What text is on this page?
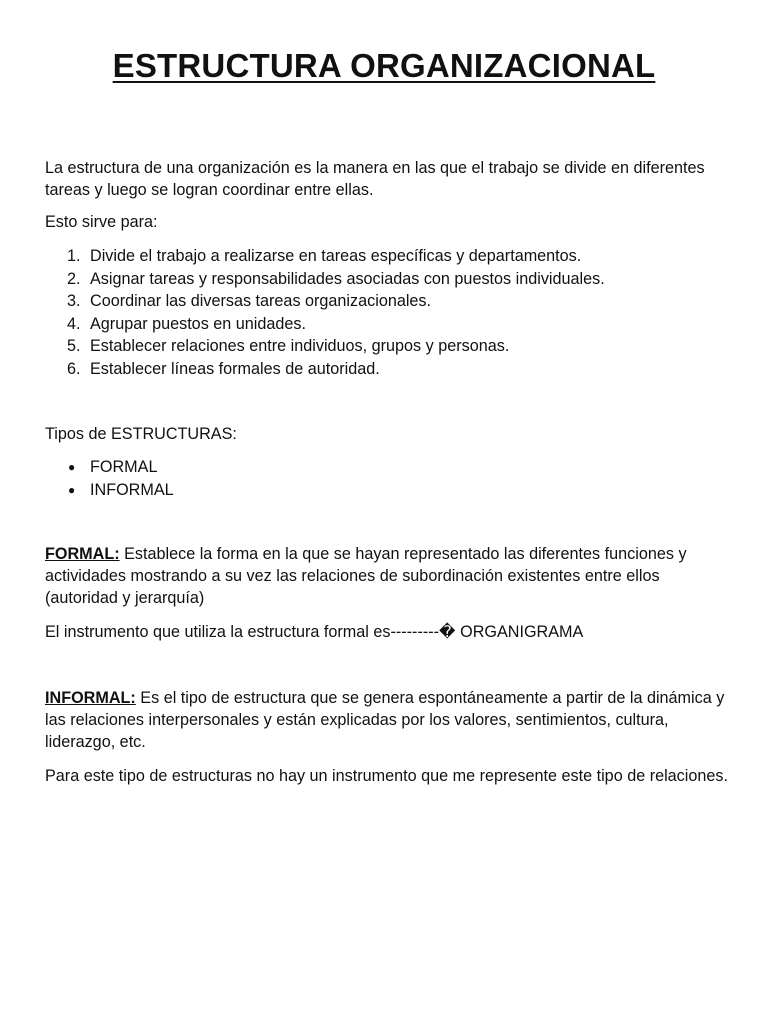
ESTRUCTURA ORGANIZACIONAL

La estructura de una organización es la manera en las que el trabajo se divide en diferentes tareas y luego se logran coordinar entre ellas.

Esto sirve para:

1. Divide el trabajo a realizarse en tareas específicas y departamentos.
2. Asignar tareas y responsabilidades asociadas con puestos individuales.
3. Coordinar las diversas tareas organizacionales.
4. Agrupar puestos en unidades.
5. Establecer relaciones entre individuos, grupos y personas.
6. Establecer líneas formales de autoridad.

Tipos de ESTRUCTURAS:

● FORMAL
● INFORMAL

FORMAL: Establece la forma en la que se hayan representado las diferentes funciones y actividades mostrando a su vez las relaciones de subordinación existentes entre ellos (autoridad y jerarquía)

El instrumento que utiliza la estructura formal es---------� ORGANIGRAMA

INFORMAL: Es el tipo de estructura que se genera espontáneamente a partir de la dinámica y las relaciones interpersonales y están explicadas por los valores, sentimientos, cultura, liderazgo, etc.

Para este tipo de estructuras no hay un instrumento que me represente este tipo de relaciones.
